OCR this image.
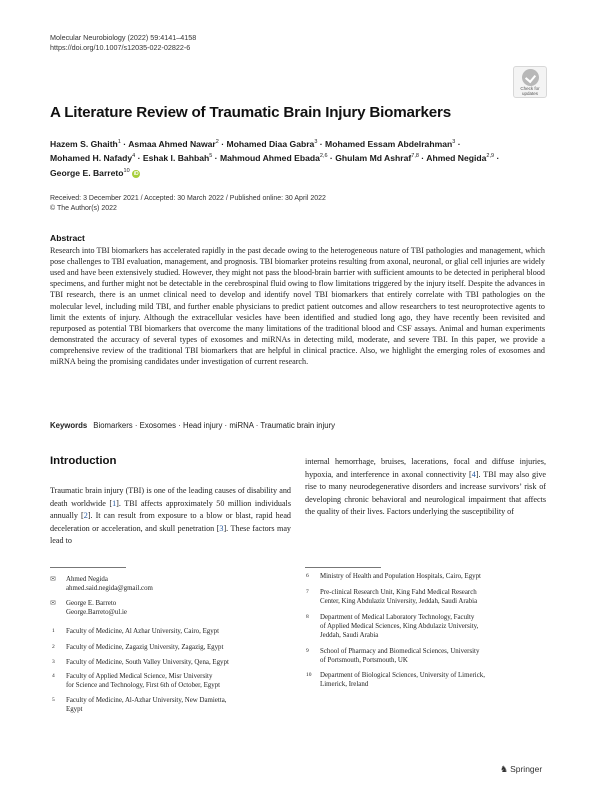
Molecular Neurobiology (2022) 59:4141–4158
https://doi.org/10.1007/s12035-022-02822-6
Check for updates
A Literature Review of Traumatic Brain Injury Biomarkers
Hazem S. Ghaith$^1$ · Asmaa Ahmed Nawar$^2$ · Mohamed Diaa Gabra$^3$ · Mohamed Essam Abdelrahman$^3$ ·
Mohamed H. Nafady$^4$ · Eshak I. Bahbah$^5$ · Mahmoud Ahmed Ebada$^{2,6}$ · Ghulam Md Ashraf$^{7,8}$ · Ahmed Negida$^{2,9}$ ·
George E. Barreto$^{10}$ iD
Received: 3 December 2021 / Accepted: 30 March 2022 / Published online: 30 April 2022
© The Author(s) 2022
Abstract
Research into TBI biomarkers has accelerated rapidly in the past decade owing to the heterogeneous nature of TBI pathologies and management, which pose challenges to TBI evaluation, management, and prognosis. TBI biomarker proteins resulting from axonal, neuronal, or glial cell injuries are widely used and have been extensively studied. However, they might not pass the blood-brain barrier with sufficient amounts to be detected in peripheral blood specimens, and further might not be detectable in the cerebrospinal fluid owing to flow limitations triggered by the injury itself. Despite the advances in TBI research, there is an unmet clinical need to develop and identify novel TBI biomarkers that entirely correlate with TBI pathologies on the molecular level, including mild TBI, and further enable physicians to predict patient outcomes and allow researchers to test neuroprotective agents to limit the extents of injury. Although the extracellular vesicles have been identified and studied long ago, they have recently been revisited and repurposed as potential TBI biomarkers that overcome the many limitations of the traditional blood and CSF assays. Animal and human experiments demonstrated the accuracy of several types of exosomes and miRNAs in detecting mild, moderate, and severe TBI. In this paper, we provide a comprehensive review of the traditional TBI biomarkers that are helpful in clinical practice. Also, we highlight the emerging roles of exosomes and miRNA being the promising candidates under investigation of current research.
Keywords Biomarkers · Exosomes · Head injury · miRNA · Traumatic brain injury
Introduction
Traumatic brain injury (TBI) is one of the leading causes of disability and death worldwide [1]. TBI affects approximately 50 million individuals annually [2]. It can result from exposure to a blow or blast, rapid head deceleration or acceleration, and skull penetration [3]. These factors may lead to
internal hemorrhage, bruises, lacerations, focal and diffuse injuries, hypoxia, and interference in axonal connectivity [4]. TBI may also give rise to many neurodegenerative disorders and increase survivors’ risk of developing chronic behavioral and neurological impairment that affects the quality of their lives. Factors underlying the susceptibility of
✉ Ahmed Negida
ahmed.said.negida@gmail.com
✉ George E. Barreto
George.Barreto@ul.ie
1 Faculty of Medicine, Al Azhar University, Cairo, Egypt
2 Faculty of Medicine, Zagazig University, Zagazig, Egypt
3 Faculty of Medicine, South Valley University, Qena, Egypt
4 Faculty of Applied Medical Science, Misr University
for Science and Technology, First 6th of October, Egypt
5 Faculty of Medicine, Al-Azhar University, New Damietta,
Egypt
6 Ministry of Health and Population Hospitals, Cairo, Egypt
7 Pre-clinical Research Unit, King Fahd Medical Research
Center, King Abdulaziz University, Jeddah, Saudi Arabia
8 Department of Medical Laboratory Technology, Faculty
of Applied Medical Sciences, King Abdulaziz University,
Jeddah, Saudi Arabia
9 School of Pharmacy and Biomedical Sciences, University
of Portsmouth, Portsmouth, UK
10 Department of Biological Sciences, University of Limerick,
Limerick, Ireland
♞ Springer
